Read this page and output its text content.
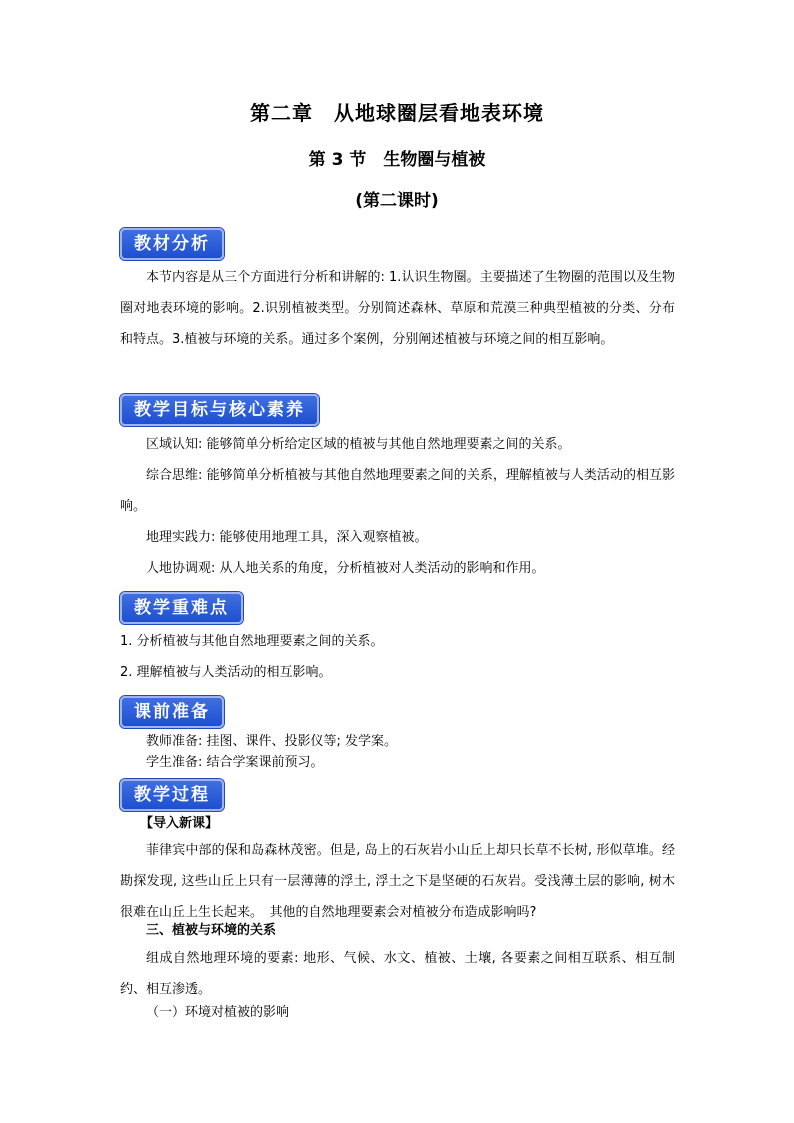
第二章　从地球圈层看地表环境
第 3 节　生物圈与植被
(第二课时)
教材分析
本节内容是从三个方面进行分析和讲解的: 1.认识生物圈。主要描述了生物圈的范围以及生物圈对地表环境的影响。2.识别植被类型。分别简述森林、草原和荒漠三种典型植被的分类、分布和特点。3.植被与环境的关系。通过多个案例，分别阐述植被与环境之间的相互影响。
教学目标与核心素养
区域认知: 能够简单分析给定区域的植被与其他自然地理要素之间的关系。
综合思维: 能够简单分析植被与其他自然地理要素之间的关系，理解植被与人类活动的相互影响。
地理实践力: 能够使用地理工具，深入观察植被。
人地协调观: 从人地关系的角度，分析植被对人类活动的影响和作用。
教学重难点
1. 分析植被与其他自然地理要素之间的关系。
2. 理解植被与人类活动的相互影响。
课前准备
教师准备: 挂图、课件、投影仪等; 发学案。
学生准备: 结合学案课前预习。
教学过程
【导入新课】
菲律宾中部的保和岛森林茂密。但是, 岛上的石灰岩小山丘上却只长草不长树, 形似草堆。经勘探发现, 这些山丘上只有一层薄薄的浮土, 浮土之下是坚硬的石灰岩。受浅薄土层的影响, 树木很难在山丘上生长起来。　其他的自然地理要素会对植被分布造成影响吗?
三、植被与环境的关系
组成自然地理环境的要素: 地形、气候、水文、植被、土壤, 各要素之间相互联系、相互制约、相互渗透。
（一）环境对植被的影响
